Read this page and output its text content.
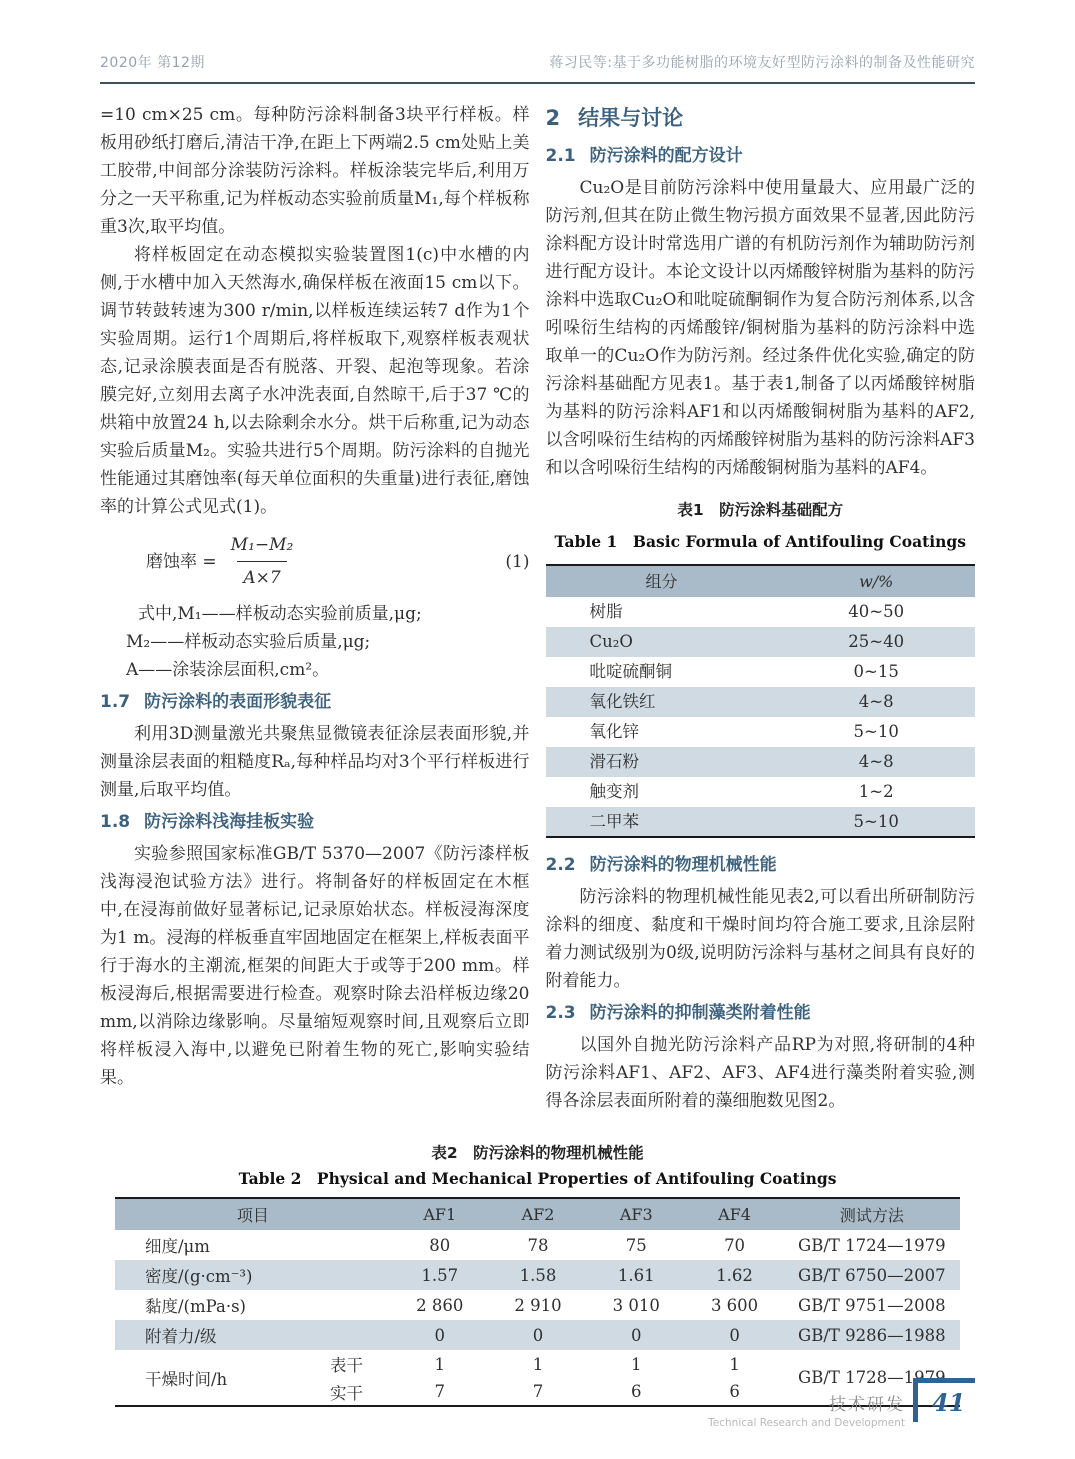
2020年 第12期	蒋习民等:基于多功能树脂的环境友好型防污涂料的制备及性能研究

=10 cm×25 cm。每种防污涂料制备3块平行样板。样板用砂纸打磨后,清洁干净,在距上下两端2.5 cm处贴上美工胶带,中间部分涂装防污涂料。样板涂装完毕后,利用万分之一天平称重,记为样板动态实验前质量M₁,每个样板称重3次,取平均值。

将样板固定在动态模拟实验装置图1(c)中水槽的内侧,于水槽中加入天然海水,确保样板在液面15 cm以下。调节转鼓转速为300 r/min,以样板连续运转7 d作为1个实验周期。运行1个周期后,将样板取下,观察样板表观状态,记录涂膜表面是否有脱落、开裂、起泡等现象。若涂膜完好,立刻用去离子水冲洗表面,自然晾干,后于37 ℃的烘箱中放置24 h,以去除剩余水分。烘干后称重,记为动态实验后质量M₂。实验共进行5个周期。防污涂料的自抛光性能通过其磨蚀率(每天单位面积的失重量)进行表征,磨蚀率的计算公式见式(1)。

磨蚀率 = $\frac{\text{M₁−M₂}}{A\times 7}$	(1)
式中,M₁——样板动态实验前质量,μg;
M₂——样板动态实验后质量,μg;
A——涂装涂层面积,cm²。
1.7 防污涂料的表面形貌表征

利用3D测量激光共聚焦显微镜表征涂层表面形貌,并测量涂层表面的粗糙度Rₐ,每种样品均对3个平行样板进行测量,后取平均值。

1.8 防污涂料浅海挂板实验

实验参照国家标准GB/T 5370—2007《防污漆样板浅海浸泡试验方法》进行。将制备好的样板固定在木框中,在浸海前做好显著标记,记录原始状态。样板浸海深度为1 m。浸海的样板垂直牢固地固定在框架上,样板表面平行于海水的主潮流,框架的间距大于或等于200 mm。样板浸海后,根据需要进行检查。观察时除去沿样板边缘20 mm,以消除边缘影响。尽量缩短观察时间,且观察后立即将样板浸入海中,以避免已附着生物的死亡,影响实验结果。

2 结果与讨论
2.1 防污涂料的配方设计

Cu₂O是目前防污涂料中使用量最大、应用最广泛的防污剂,但其在防止微生物污损方面效果不显著,因此防污涂料配方设计时常选用广谱的有机防污剂作为辅助防污剂进行配方设计。本论文设计以丙烯酸锌树脂为基料的防污涂料中选取Cu₂O和吡啶硫酮铜作为复合防污剂体系,以含吲哚衍生结构的丙烯酸锌/铜树脂为基料的防污涂料中选取单一的Cu₂O作为防污剂。经过条件优化实验,确定的防污涂料基础配方见表1。基于表1,制备了以丙烯酸锌树脂为基料的防污涂料AF1和以丙烯酸铜树脂为基料的AF2,以含吲哚衍生结构的丙烯酸锌树脂为基料的防污涂料AF3和以含吲哚衍生结构的丙烯酸铜树脂为基料的AF4。

表1　防污涂料基础配方
Table 1　Basic Formula of Antifouling Coatings
组分	w/%
树脂	40~50
Cu₂O	25~40
吡啶硫酮铜	0~15
氧化铁红	4~8
氧化锌	5~10
滑石粉	4~8
触变剂	1~2
二甲苯	5~10
2.2 防污涂料的物理机械性能

防污涂料的物理机械性能见表2,可以看出所研制防污涂料的细度、黏度和干燥时间均符合施工要求,且涂层附着力测试级别为0级,说明防污涂料与基材之间具有良好的附着能力。

2.3 防污涂料的抑制藻类附着性能

以国外自抛光防污涂料产品RP为对照,将研制的4种防污涂料AF1、AF2、AF3、AF4进行藻类附着实验,测得各涂层表面所附着的藻细胞数见图2。

表2　防污涂料的物理机械性能
Table 2　Physical and Mechanical Properties of Antifouling Coatings
项目		AF1	AF2	AF3	AF4	测试方法
细度/μm		80	78	75	70	GB/T 1724—1979
密度/(g·cm⁻³)		1.57	1.58	1.61	1.62	GB/T 6750—2007
黏度/(mPa·s)		2 860	2 910	3 010	3 600	GB/T 9751—2008
附着力/级		0	0	0	0	GB/T 9286—1988
干燥时间/h	表干	1	1	1	1	GB/T 1728—1979
	实干	7	7	6	6	
技术研发
Technical Research and Development
41
